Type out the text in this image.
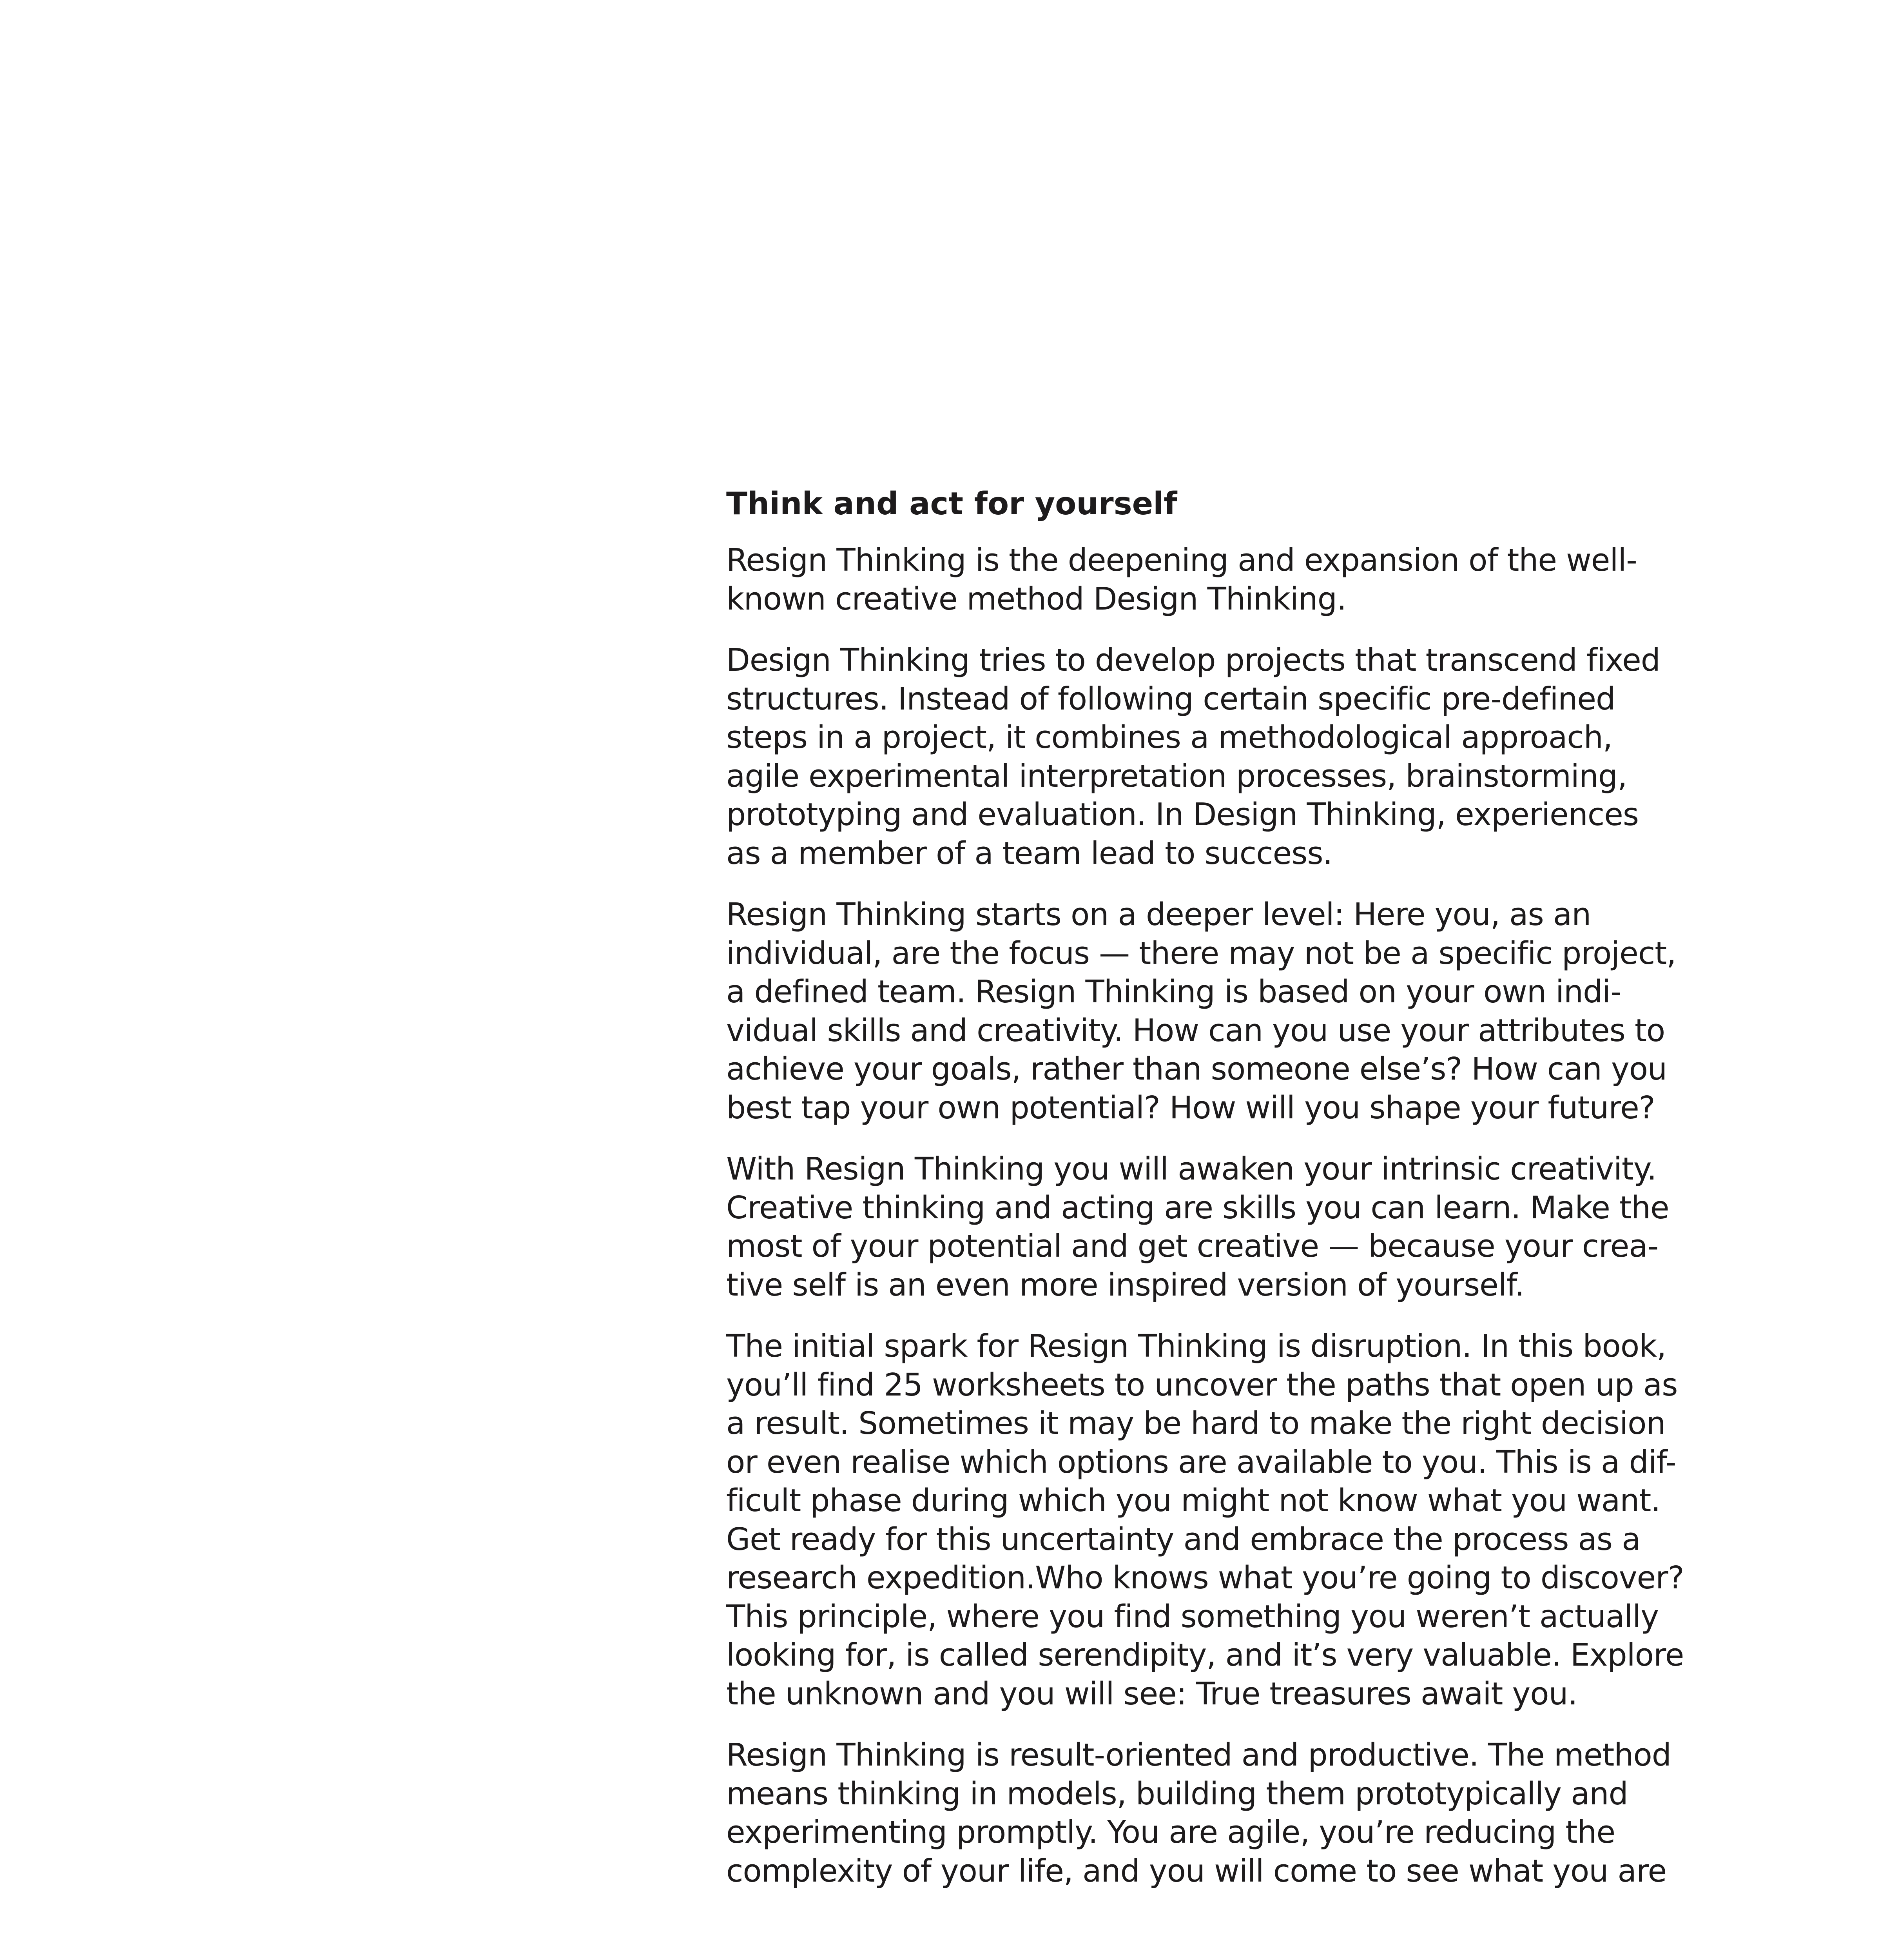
Think and act for yourself

Resign Thinking is the deepening and expansion of the well-
known creative method Design Thinking.

Design Thinking tries to develop projects that transcend fixed
structures. Instead of following certain specific pre-defined
steps in a project, it combines a methodological approach,
agile experimental interpretation processes, brainstorming,
prototyping and evaluation. In Design Thinking, experiences
as a member of a team lead to success.

Resign Thinking starts on a deeper level: Here you, as an
individual, are the focus — there may not be a specific project,
a defined team. Resign Thinking is based on your own indi-
vidual skills and creativity. How can you use your attributes to
achieve your goals, rather than someone else’s? How can you
best tap your own potential? How will you shape your future?

With Resign Thinking you will awaken your intrinsic creativity.
Creative thinking and acting are skills you can learn. Make the
most of your potential and get creative — because your crea-
tive self is an even more inspired version of yourself.

The initial spark for Resign Thinking is disruption. In this book,
you’ll find 25 worksheets to uncover the paths that open up as
a result. Sometimes it may be hard to make the right decision
or even realise which options are available to you. This is a dif-
ficult phase during which you might not know what you want.
Get ready for this uncertainty and embrace the process as a
research expedition.Who knows what you’re going to discover?
This principle, where you find something you weren’t actually
looking for, is called serendipity, and it’s very valuable. Explore
the unknown and you will see: True treasures await you.

Resign Thinking is result-oriented and productive. The method
means thinking in models, building them prototypically and
experimenting promptly. You are agile, you’re reducing the
complexity of your life, and you will come to see what you are
